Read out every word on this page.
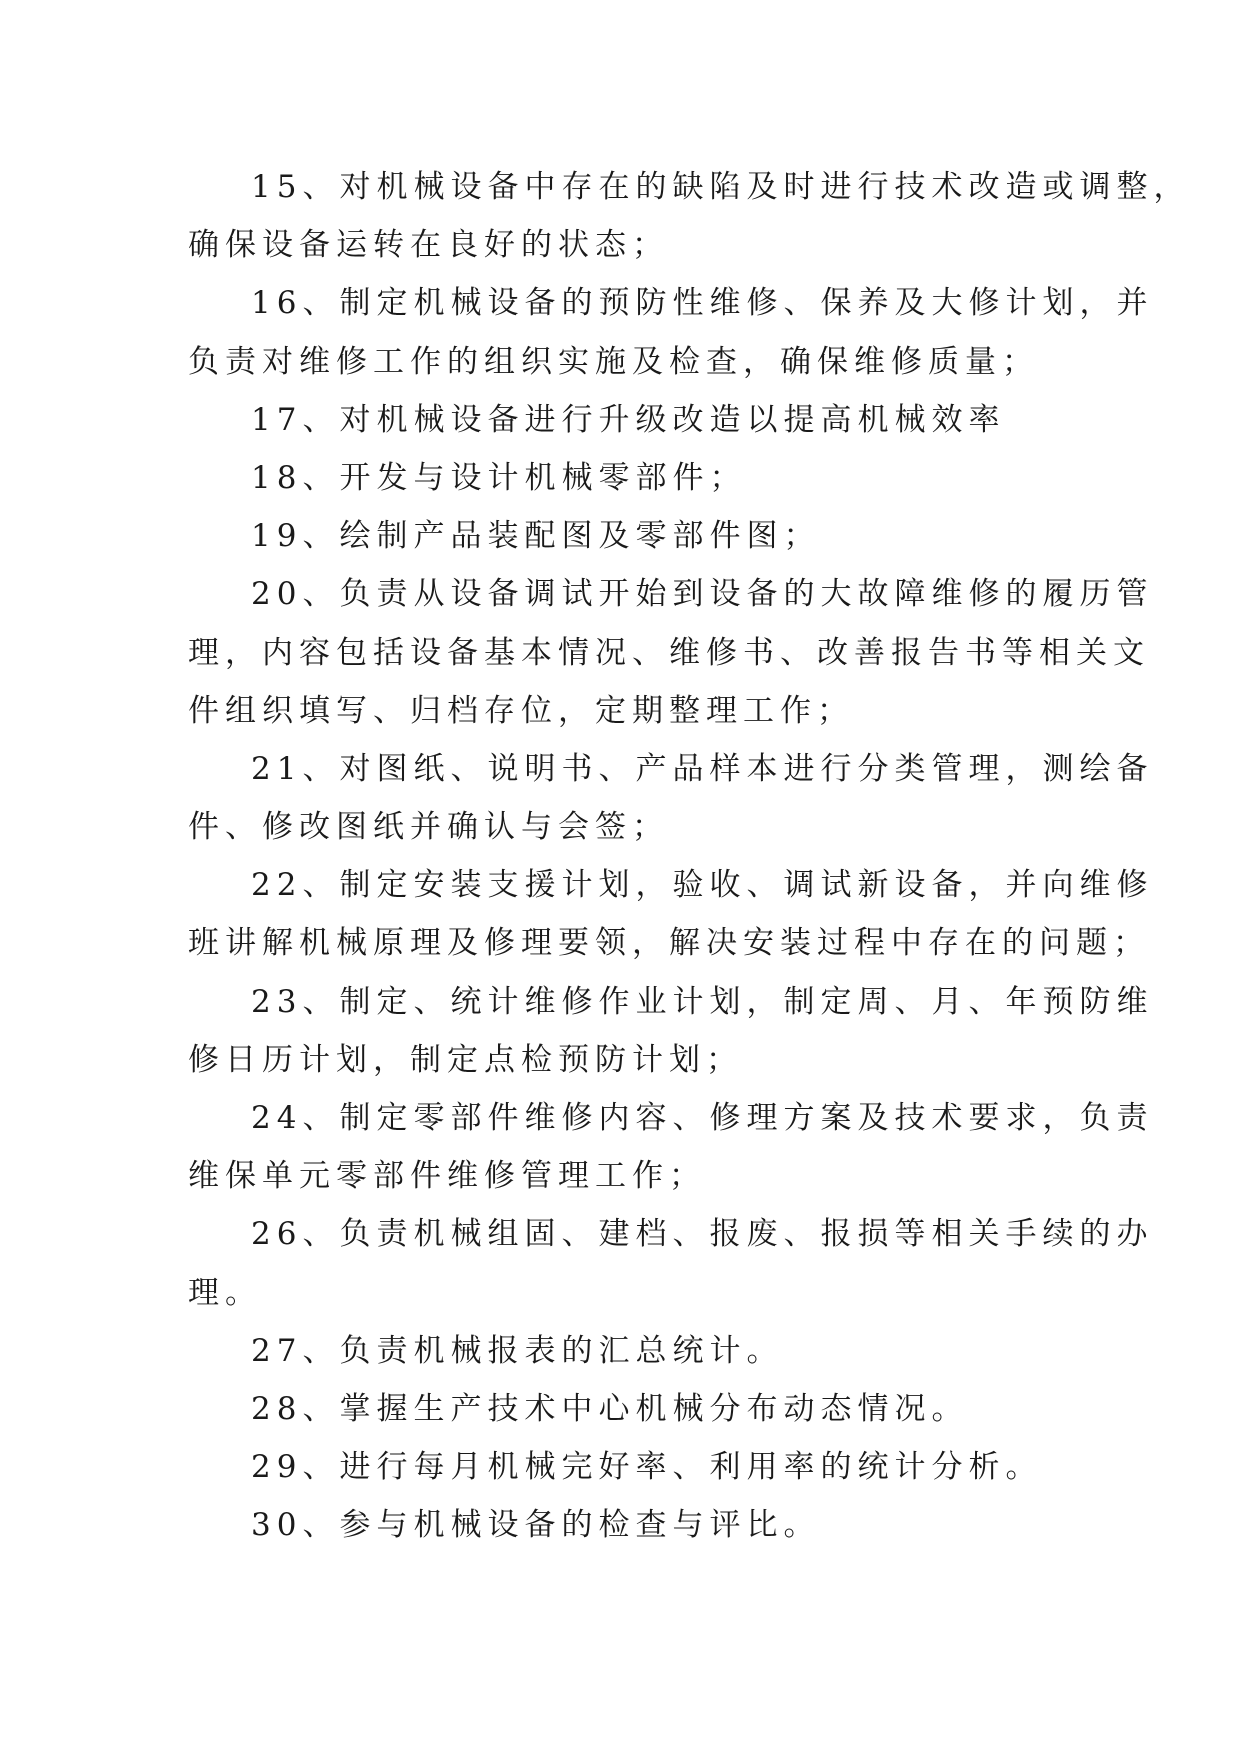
15、对机械设备中存在的缺陷及时进行技术改造或调整，
确保设备运转在良好的状态；
16、制定机械设备的预防性维修、保养及大修计划，并
负责对维修工作的组织实施及检查，确保维修质量；
17、对机械设备进行升级改造以提高机械效率
18、开发与设计机械零部件；
19、绘制产品装配图及零部件图；
20、负责从设备调试开始到设备的大故障维修的履历管
理，内容包括设备基本情况、维修书、改善报告书等相关文
件组织填写、归档存位，定期整理工作；
21、对图纸、说明书、产品样本进行分类管理，测绘备
件、修改图纸并确认与会签；
22、制定安装支援计划，验收、调试新设备，并向维修
班讲解机械原理及修理要领，解决安装过程中存在的问题；
23、制定、统计维修作业计划，制定周、月、年预防维
修日历计划，制定点检预防计划；
24、制定零部件维修内容、修理方案及技术要求，负责
维保单元零部件维修管理工作；
26、负责机械组固、建档、报废、报损等相关手续的办
理。
27、负责机械报表的汇总统计。
28、掌握生产技术中心机械分布动态情况。
29、进行每月机械完好率、利用率的统计分析。
30、参与机械设备的检查与评比。
